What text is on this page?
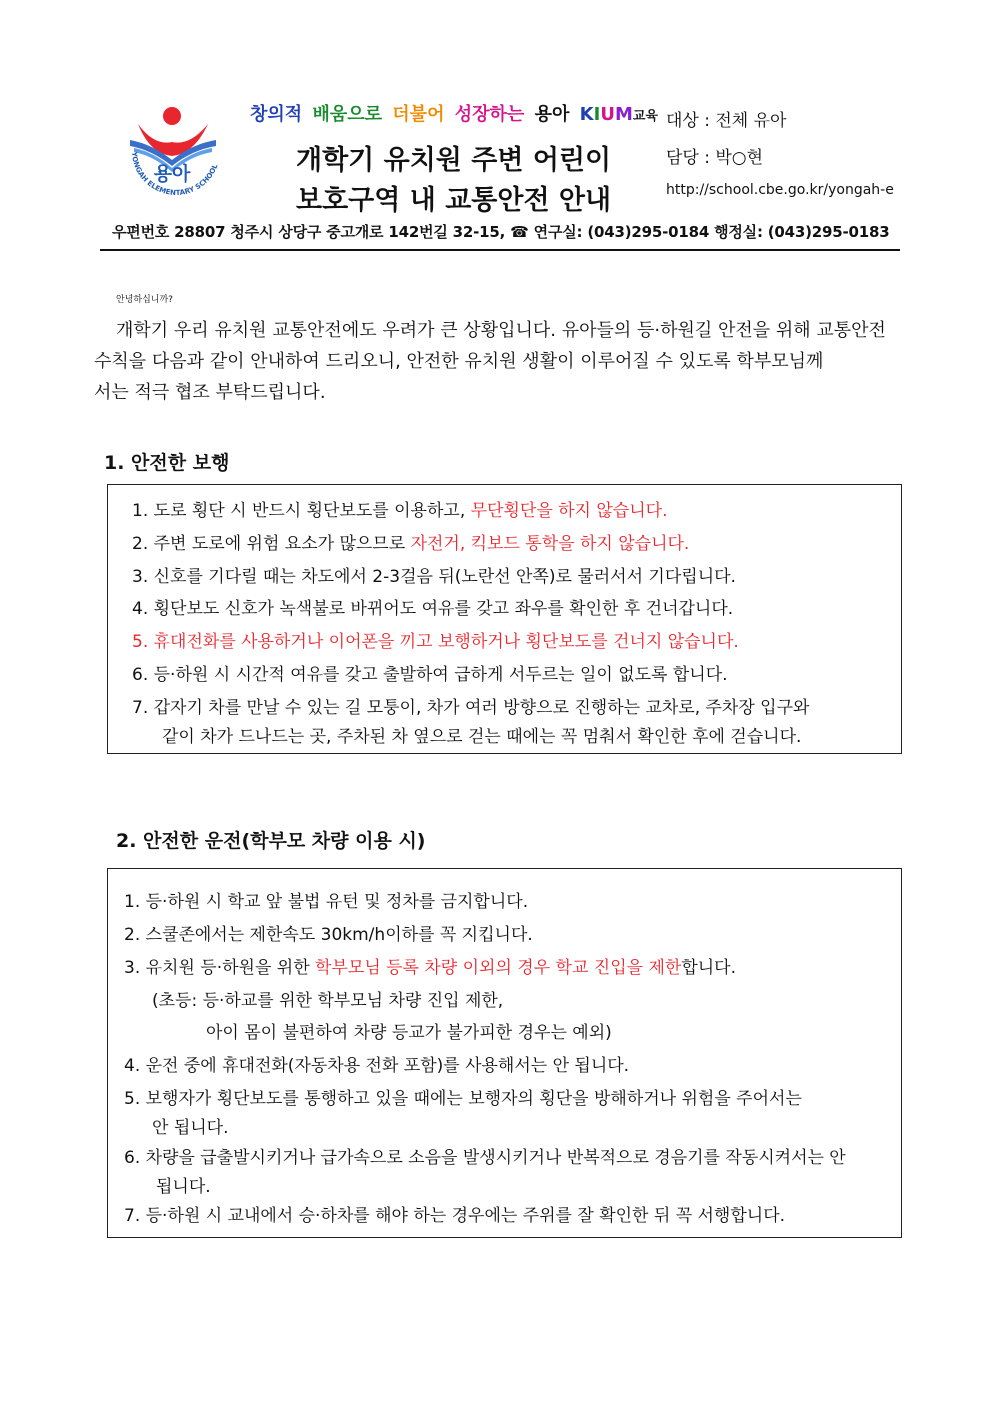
용아
YONGAH ELEMENTARY SCHOOL
창의적 배움으로 더불어 성장하는 용아 KIUM교육
개학기 유치원 주변 어린이
보호구역 내 교통안전 안내
대상 : 전체 유아
담당 : 박○현
http://school.cbe.go.kr/yongah-e
우편번호 28807 청주시 상당구 중고개로 142번길 32-15, ☎ 연구실: (043)295-0184 행정실: (043)295-0183
안녕하십니까?
개학기 우리 유치원 교통안전에도 우려가 큰 상황입니다. 유아들의 등·하원길 안전을 위해 교통안전
수칙을 다음과 같이 안내하여 드리오니, 안전한 유치원 생활이 이루어질 수 있도록 학부모님께
서는 적극 협조 부탁드립니다.
1. 안전한 보행
1. 도로 횡단 시 반드시 횡단보도를 이용하고, 무단횡단을 하지 않습니다.
2. 주변 도로에 위험 요소가 많으므로 자전거, 킥보드 통학을 하지 않습니다.
3. 신호를 기다릴 때는 차도에서 2-3걸음 뒤(노란선 안쪽)로 물러서서 기다립니다.
4. 횡단보도 신호가 녹색불로 바뀌어도 여유를 갖고 좌우를 확인한 후 건너갑니다.
5. 휴대전화를 사용하거나 이어폰을 끼고 보행하거나 횡단보도를 건너지 않습니다.
6. 등·하원 시 시간적 여유를 갖고 출발하여 급하게 서두르는 일이 없도록 합니다.
7. 갑자기 차를 만날 수 있는 길 모퉁이, 차가 여러 방향으로 진행하는 교차로, 주차장 입구와
같이 차가 드나드는 곳, 주차된 차 옆으로 걷는 때에는 꼭 멈춰서 확인한 후에 걷습니다.
2. 안전한 운전(학부모 차량 이용 시)
1. 등·하원 시 학교 앞 불법 유턴 및 정차를 금지합니다.
2. 스쿨존에서는 제한속도 30km/h이하를 꼭 지킵니다.
3. 유치원 등·하원을 위한 학부모님 등록 차량 이외의 경우 학교 진입을 제한합니다.
(초등: 등·하교를 위한 학부모님 차량 진입 제한,
아이 몸이 불편하여 차량 등교가 불가피한 경우는 예외)
4. 운전 중에 휴대전화(자동차용 전화 포함)를 사용해서는 안 됩니다.
5. 보행자가 횡단보도를 통행하고 있을 때에는 보행자의 횡단을 방해하거나 위험을 주어서는
안 됩니다.
6. 차량을 급출발시키거나 급가속으로 소음을 발생시키거나 반복적으로 경음기를 작동시켜서는 안
됩니다.
7. 등·하원 시 교내에서 승·하차를 해야 하는 경우에는 주위를 잘 확인한 뒤 꼭 서행합니다.
